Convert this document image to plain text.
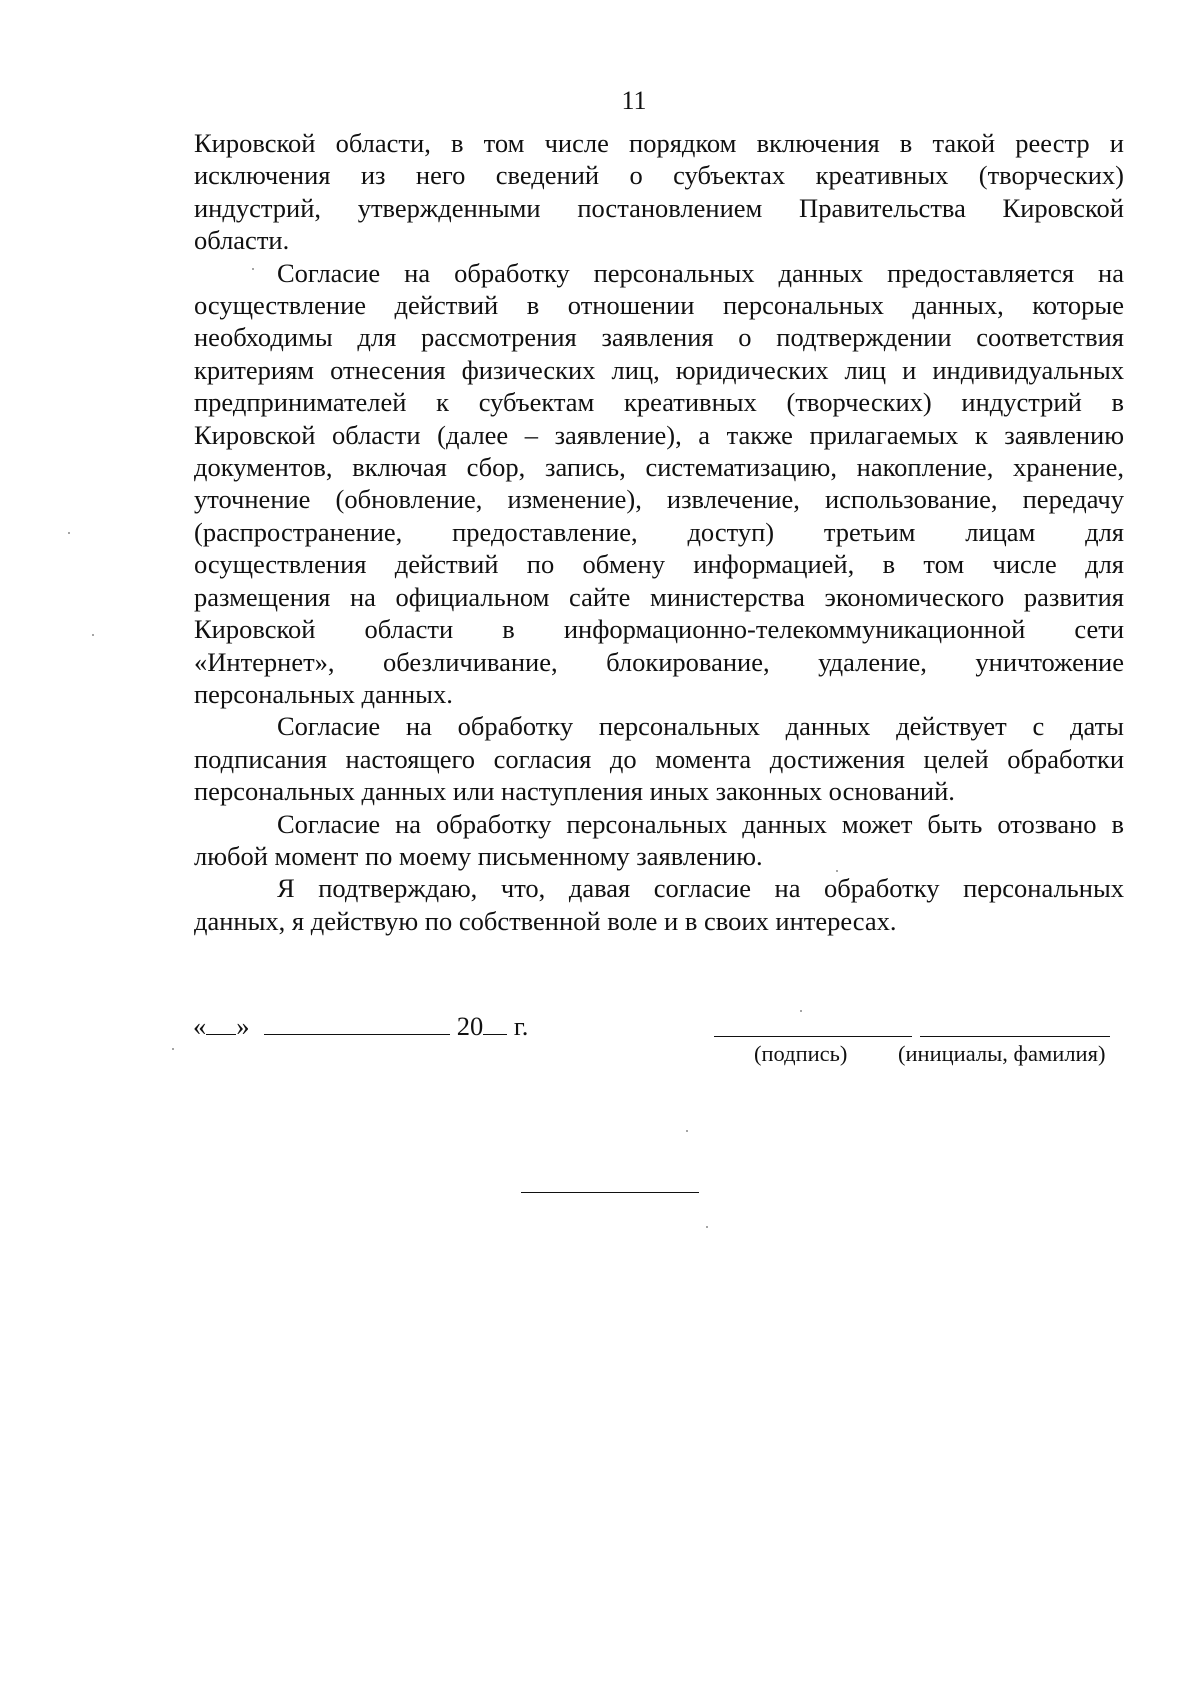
11

Кировской области, в том числе порядком включения в такой реестр и
исключения из него сведений о субъектах креативных (творческих)
индустрий, утвержденными постановлением Правительства Кировской
области.

Согласие на обработку персональных данных предоставляется на
осуществление действий в отношении персональных данных, которые
необходимы для рассмотрения заявления о подтверждении соответствия
критериям отнесения физических лиц, юридических лиц и индивидуальных
предпринимателей к субъектам креативных (творческих) индустрий в
Кировской области (далее – заявление), а также прилагаемых к заявлению
документов, включая сбор, запись, систематизацию, накопление, хранение,
уточнение (обновление, изменение), извлечение, использование, передачу
(распространение, предоставление, доступ) третьим лицам для
осуществления действий по обмену информацией, в том числе для
размещения на официальном сайте министерства экономического развития
Кировской области в информационно-телекоммуникационной сети
«Интернет», обезличивание, блокирование, удаление, уничтожение
персональных данных.

Согласие на обработку персональных данных действует с даты
подписания настоящего согласия до момента достижения целей обработки
персональных данных или наступления иных законных оснований.

Согласие на обработку персональных данных может быть отозвано в
любой момент по моему письменному заявлению.

Я подтверждаю, что, давая согласие на обработку персональных
данных, я действую по собственной воле и в своих интересах.

« »	20 г.
(подпись) (инициалы, фамилия)
